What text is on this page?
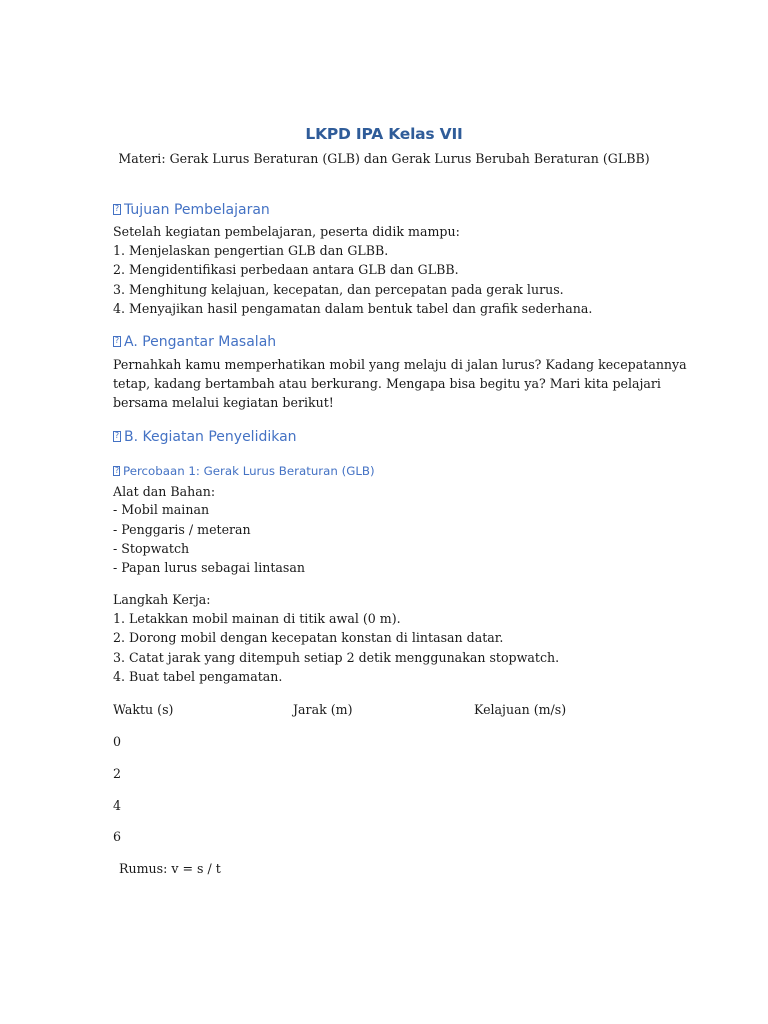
LKPD IPA Kelas VII
Materi: Gerak Lurus Beraturan (GLB) dan Gerak Lurus Berubah Beraturan (GLBB)
?Tujuan Pembelajaran
Setelah kegiatan pembelajaran, peserta didik mampu:
1. Menjelaskan pengertian GLB dan GLBB.
2. Mengidentifikasi perbedaan antara GLB dan GLBB.
3. Menghitung kelajuan, kecepatan, dan percepatan pada gerak lurus.
4. Menyajikan hasil pengamatan dalam bentuk tabel dan grafik sederhana.
?A. Pengantar Masalah
Pernahkah kamu memperhatikan mobil yang melaju di jalan lurus? Kadang kecepatannya
tetap, kadang bertambah atau berkurang. Mengapa bisa begitu ya? Mari kita pelajari
bersama melalui kegiatan berikut!
?B. Kegiatan Penyelidikan
?Percobaan 1: Gerak Lurus Beraturan (GLB)
Alat dan Bahan:
- Mobil mainan
- Penggaris / meteran
- Stopwatch
- Papan lurus sebagai lintasan
Langkah Kerja:
1. Letakkan mobil mainan di titik awal (0 m).
2. Dorong mobil dengan kecepatan konstan di lintasan datar.
3. Catat jarak yang ditempuh setiap 2 detik menggunakan stopwatch.
4. Buat tabel pengamatan.
Waktu (s)	Jarak (m)	Kelajuan (m/s)
0
2
4
6
Rumus: v = s / t
